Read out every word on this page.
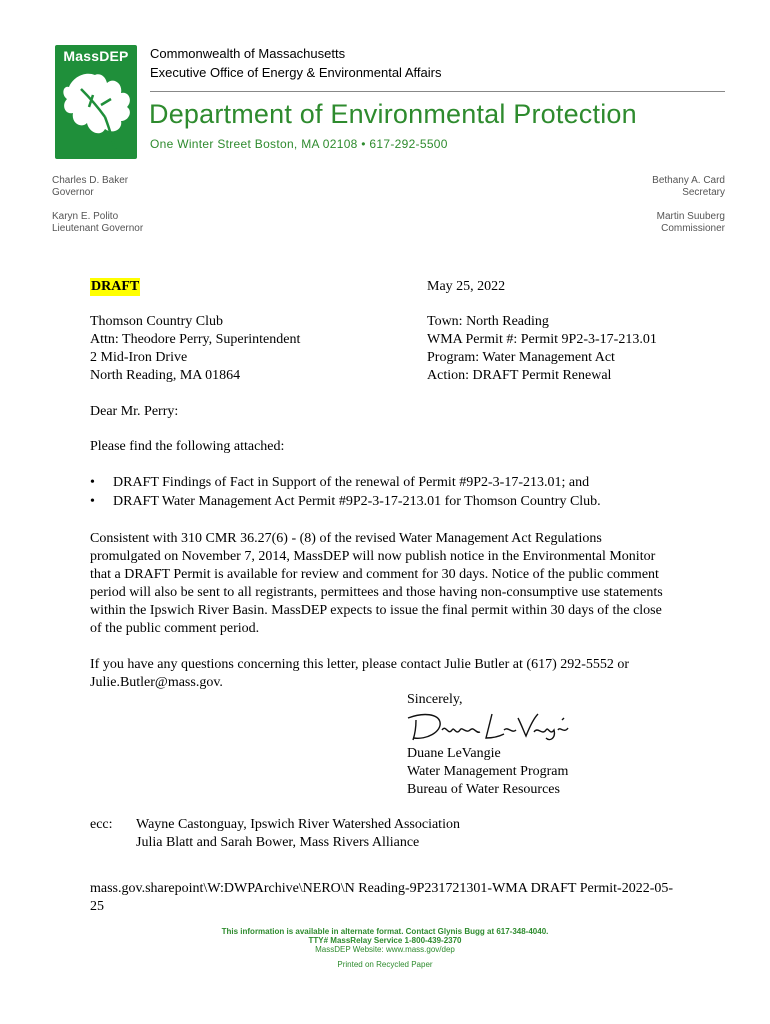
MassDEP	Commonwealth of Massachusetts
Executive Office of Energy & Environmental Affairs
Department of Environmental Protection
One Winter Street Boston, MA 02108 • 617-292-5500
Charles D. Baker
Governor
Karyn E. Polito
Lieutenant Governor
Bethany A. Card
Secretary
Martin Suuberg
Commissioner
DRAFT	May 25, 2022
Thomson Country Club
Attn: Theodore Perry, Superintendent
2 Mid-Iron Drive
North Reading, MA 01864
Town: North Reading
WMA Permit #: Permit 9P2-3-17-213.01
Program: Water Management Act
Action: DRAFT Permit Renewal
Dear Mr. Perry:
Please find the following attached:
• DRAFT Findings of Fact in Support of the renewal of Permit #9P2-3-17-213.01; and
• DRAFT Water Management Act Permit #9P2-3-17-213.01 for Thomson Country Club.
Consistent with 310 CMR 36.27(6) - (8) of the revised Water Management Act Regulations
promulgated on November 7, 2014, MassDEP will now publish notice in the Environmental Monitor
that a DRAFT Permit is available for review and comment for 30 days. Notice of the public comment
period will also be sent to all registrants, permittees and those having non-consumptive use statements
within the Ipswich River Basin. MassDEP expects to issue the final permit within 30 days of the close
of the public comment period.
If you have any questions concerning this letter, please contact Julie Butler at (617) 292-5552 or
Julie.Butler@mass.gov.
Sincerely,
Duane LeVangie
Water Management Program
Bureau of Water Resources
ecc: Wayne Castonguay, Ipswich River Watershed Association
Julia Blatt and Sarah Bower, Mass Rivers Alliance
mass.gov.sharepoint\W:DWPArchive\NERO\N Reading-9P231721301-WMA DRAFT Permit-2022-05-
25
This information is available in alternate format. Contact Glynis Bugg at 617-348-4040.
TTY# MassRelay Service 1-800-439-2370
MassDEP Website: www.mass.gov/dep
Printed on Recycled Paper
